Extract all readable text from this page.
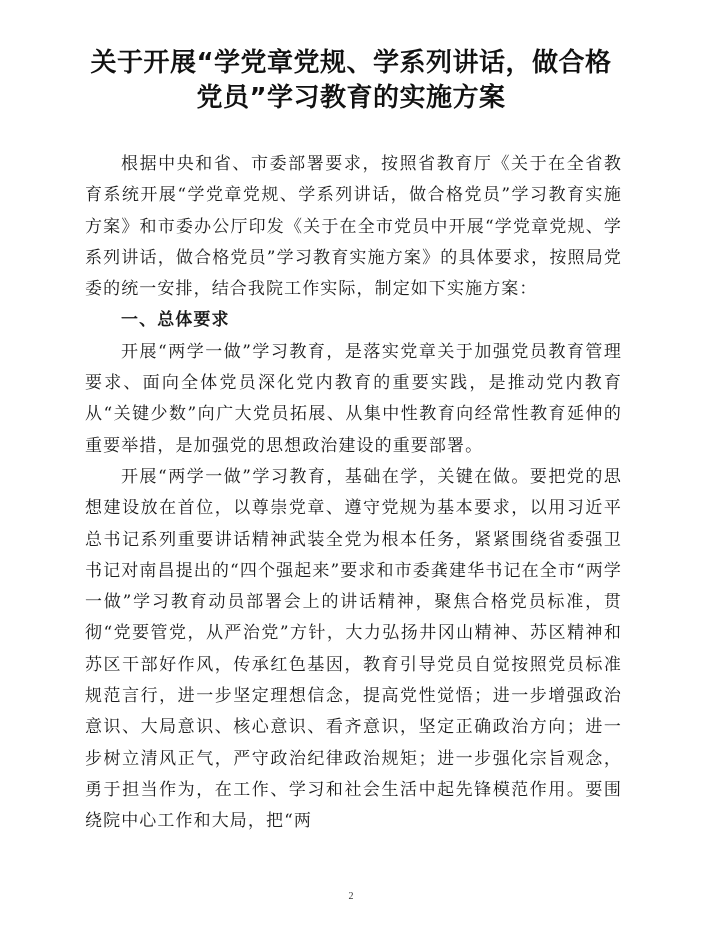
关于开展“学党章党规、学系列讲话，做合格
党员”学习教育的实施方案

根据中央和省、市委部署要求，按照省教育厅《关于在全省教育系统开展“学党章党规、学系列讲话，做合格党员”学习教育实施方案》和市委办公厅印发《关于在全市党员中开展“学党章党规、学系列讲话，做合格党员”学习教育实施方案》的具体要求，按照局党委的统一安排，结合我院工作实际，制定如下实施方案：

一、总体要求

开展“两学一做”学习教育，是落实党章关于加强党员教育管理要求、面向全体党员深化党内教育的重要实践，是推动党内教育从“关键少数”向广大党员拓展、从集中性教育向经常性教育延伸的重要举措，是加强党的思想政治建设的重要部署。

开展“两学一做”学习教育，基础在学，关键在做。要把党的思想建设放在首位，以尊崇党章、遵守党规为基本要求，以用习近平总书记系列重要讲话精神武装全党为根本任务，紧紧围绕省委强卫书记对南昌提出的“四个强起来”要求和市委龚建华书记在全市“两学一做”学习教育动员部署会上的讲话精神，聚焦合格党员标准，贯彻“党要管党，从严治党”方针，大力弘扬井冈山精神、苏区精神和苏区干部好作风，传承红色基因，教育引导党员自觉按照党员标准规范言行，进一步坚定理想信念，提高党性觉悟；进一步增强政治意识、大局意识、核心意识、看齐意识，坚定正确政治方向；进一步树立清风正气，严守政治纪律政治规矩；进一步强化宗旨观念，勇于担当作为，在工作、学习和社会生活中起先锋模范作用。要围绕院中心工作和大局，把“两

2
